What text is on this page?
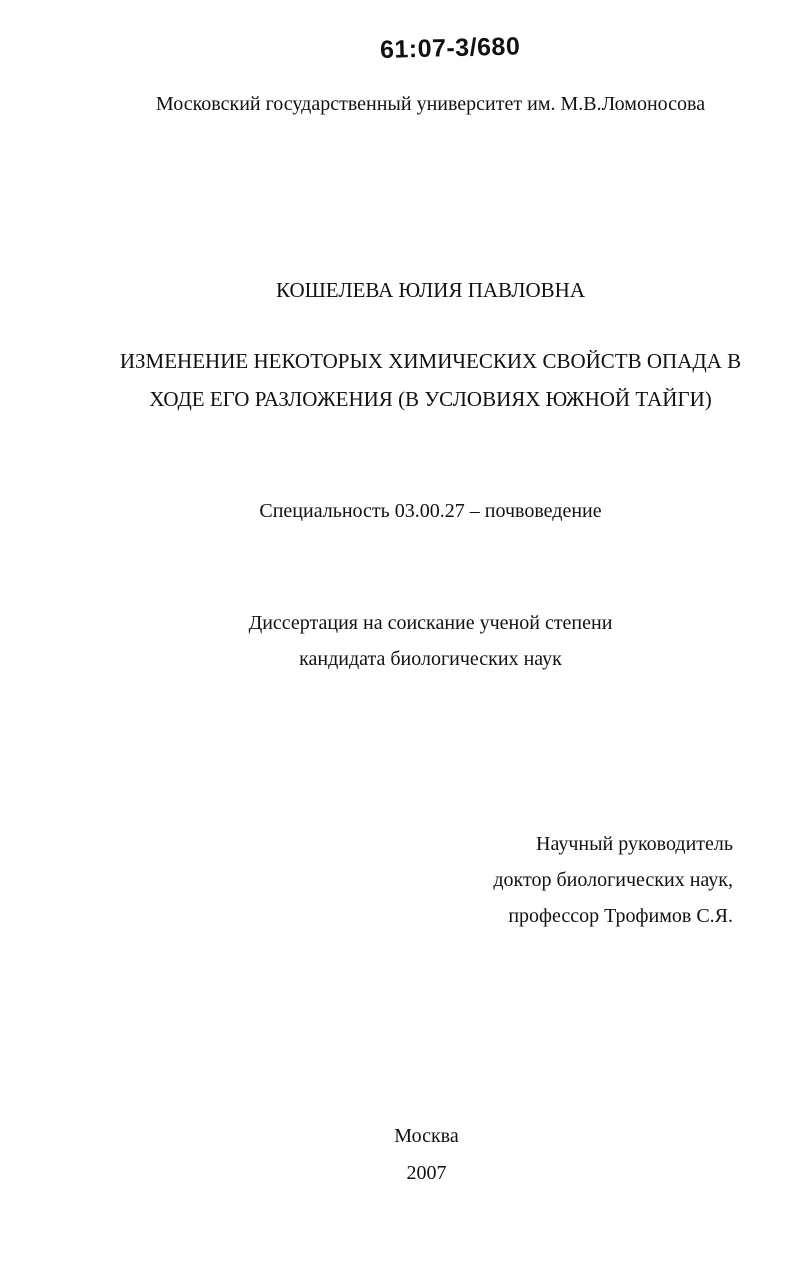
61:07-3/680
Московский государственный университет им. М.В.Ломоносова
КОШЕЛЕВА ЮЛИЯ ПАВЛОВНА
ИЗМЕНЕНИЕ НЕКОТОРЫХ ХИМИЧЕСКИХ СВОЙСТВ ОПАДА В
ХОДЕ ЕГО РАЗЛОЖЕНИЯ (В УСЛОВИЯХ ЮЖНОЙ ТАЙГИ)
Специальность 03.00.27 – почвоведение
Диссертация на соискание ученой степени
кандидата биологических наук
Научный руководитель
доктор биологических наук,
профессор Трофимов С.Я.
Москва
2007
